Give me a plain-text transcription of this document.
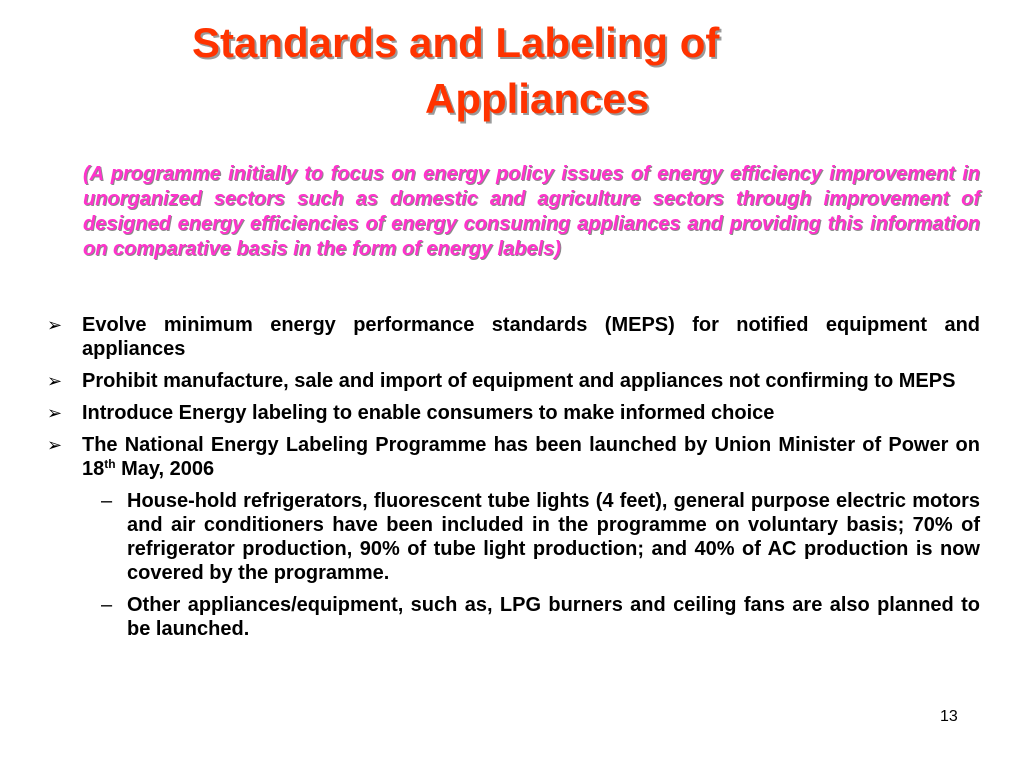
Standards and Labeling of
Appliances
(A programme initially to focus on energy policy issues of energy efficiency improvement in unorganized sectors such as domestic and agriculture sectors through improvement of designed energy efficiencies of energy consuming appliances and providing this information on comparative basis in the form of energy labels)
➢ Evolve minimum energy performance standards (MEPS) for notified equipment and appliances
➢ Prohibit manufacture, sale and import of equipment and appliances not confirming to MEPS
➢ Introduce Energy labeling to enable consumers to make informed choice
➢ The National Energy Labeling Programme has been launched by Union Minister of Power on 18th May, 2006
– House-hold refrigerators, fluorescent tube lights (4 feet), general purpose electric motors and air conditioners have been included in the programme on voluntary basis; 70% of refrigerator production, 90% of tube light production; and 40% of AC production is now covered by the programme.
– Other appliances/equipment, such as, LPG burners and ceiling fans are also planned to be launched.
13
